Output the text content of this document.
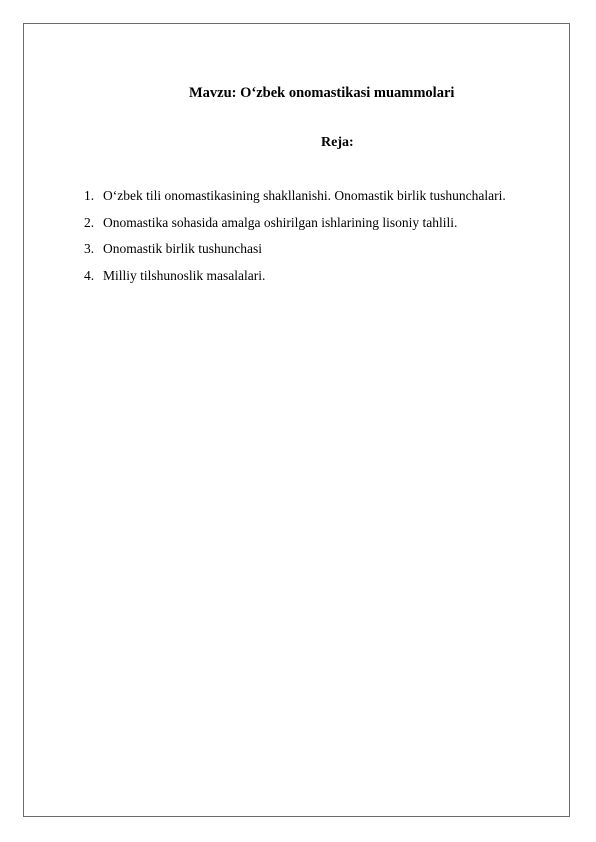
Mavzu: O‘zbek onomastikasi muammolari
Reja:
1. O‘zbek tili onomastikasining shakllanishi. Onomastik birlik tushunchalari.
2. Onomastika sohasida amalga oshirilgan ishlarining lisoniy tahlili.
3. Onomastik birlik tushunchasi
4. Milliy tilshunoslik masalalari.
